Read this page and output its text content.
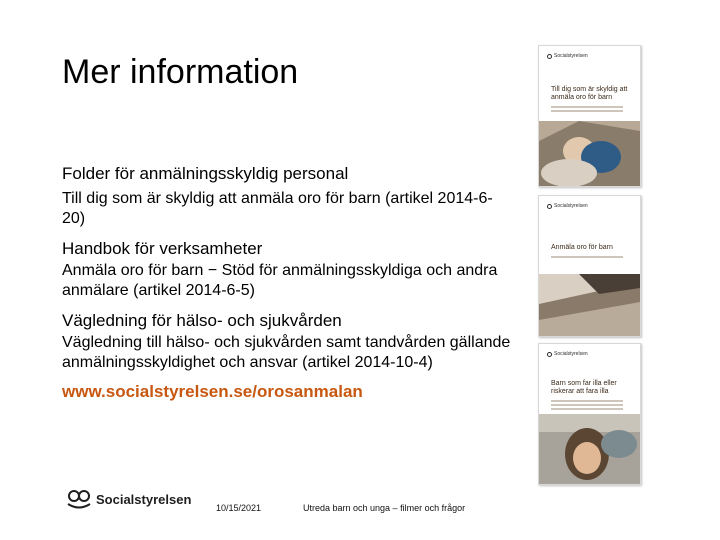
Mer information
Folder för anmälningsskyldig personal
Till dig som är skyldig att anmäla oro för barn (artikel 2014-6-20)
Handbok för verksamheter
Anmäla oro för barn − Stöd för anmälningsskyldiga och andra anmälare (artikel 2014-6-5)
Vägledning för hälso- och sjukvården
Vägledning till hälso- och sjukvården samt tandvården gällande anmälningsskyldighet och ansvar (artikel 2014-10-4)
www.socialstyrelsen.se/orosanmalan
Socialstyrelsen
Till dig som är skyldig att anmäla oro för barn
Socialstyrelsen
Anmäla oro för barn
Socialstyrelsen
Barn som far illa eller riskerar att fara illa
Socialstyrelsen
10/15/2021	Utreda barn och unga – filmer och frågor
